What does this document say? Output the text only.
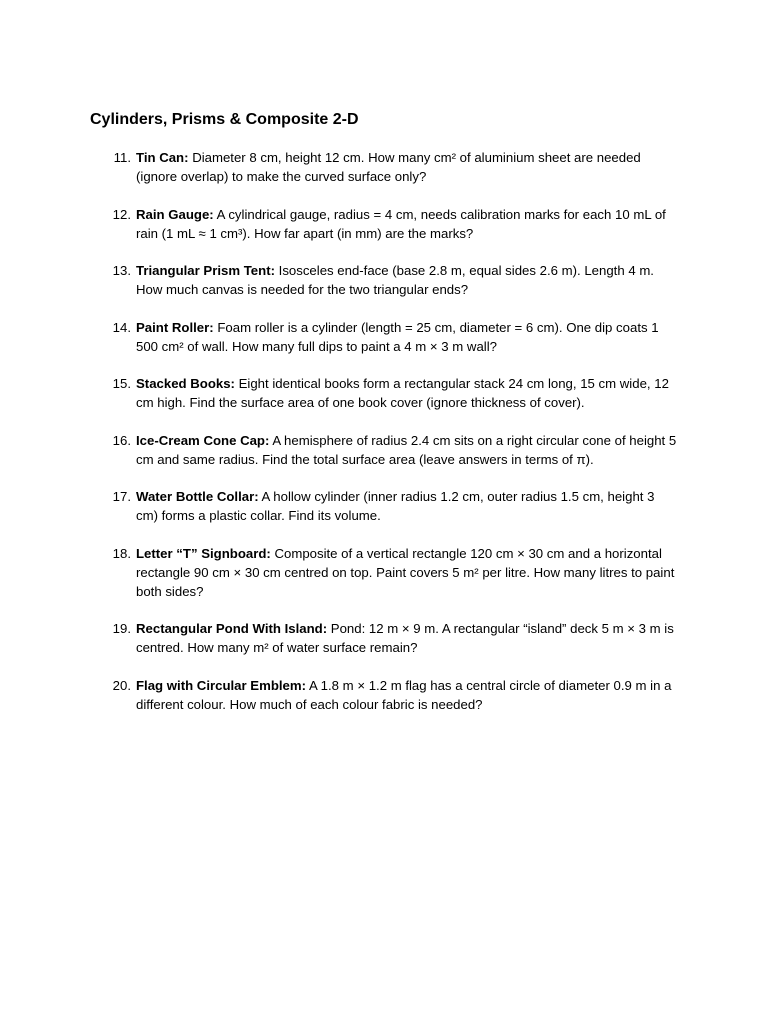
Cylinders, Prisms & Composite 2‑D
11. Tin Can: Diameter 8 cm, height 12 cm. How many cm² of aluminium sheet are needed (ignore overlap) to make the curved surface only?
12. Rain Gauge: A cylindrical gauge, radius = 4 cm, needs calibration marks for each 10 mL of rain (1 mL ≈ 1 cm³). How far apart (in mm) are the marks?
13. Triangular Prism Tent: Isosceles end‑face (base 2.8 m, equal sides 2.6 m). Length 4 m. How much canvas is needed for the two triangular ends?
14. Paint Roller: Foam roller is a cylinder (length = 25 cm, diameter = 6 cm). One dip coats 1 500 cm² of wall. How many full dips to paint a 4 m × 3 m wall?
15. Stacked Books: Eight identical books form a rectangular stack 24 cm long, 15 cm wide, 12 cm high. Find the surface area of one book cover (ignore thickness of cover).
16. Ice‑Cream Cone Cap: A hemisphere of radius 2.4 cm sits on a right circular cone of height 5 cm and same radius. Find the total surface area (leave answers in terms of π).
17. Water Bottle Collar: A hollow cylinder (inner radius 1.2 cm, outer radius 1.5 cm, height 3 cm) forms a plastic collar. Find its volume.
18. Letter “T” Signboard: Composite of a vertical rectangle 120 cm × 30 cm and a horizontal rectangle 90 cm × 30 cm centred on top. Paint covers 5 m² per litre. How many litres to paint both sides?
19. Rectangular Pond With Island: Pond: 12 m × 9 m. A rectangular “island” deck 5 m × 3 m is centred. How many m² of water surface remain?
20. Flag with Circular Emblem: A 1.8 m × 1.2 m flag has a central circle of diameter 0.9 m in a different colour. How much of each colour fabric is needed?
